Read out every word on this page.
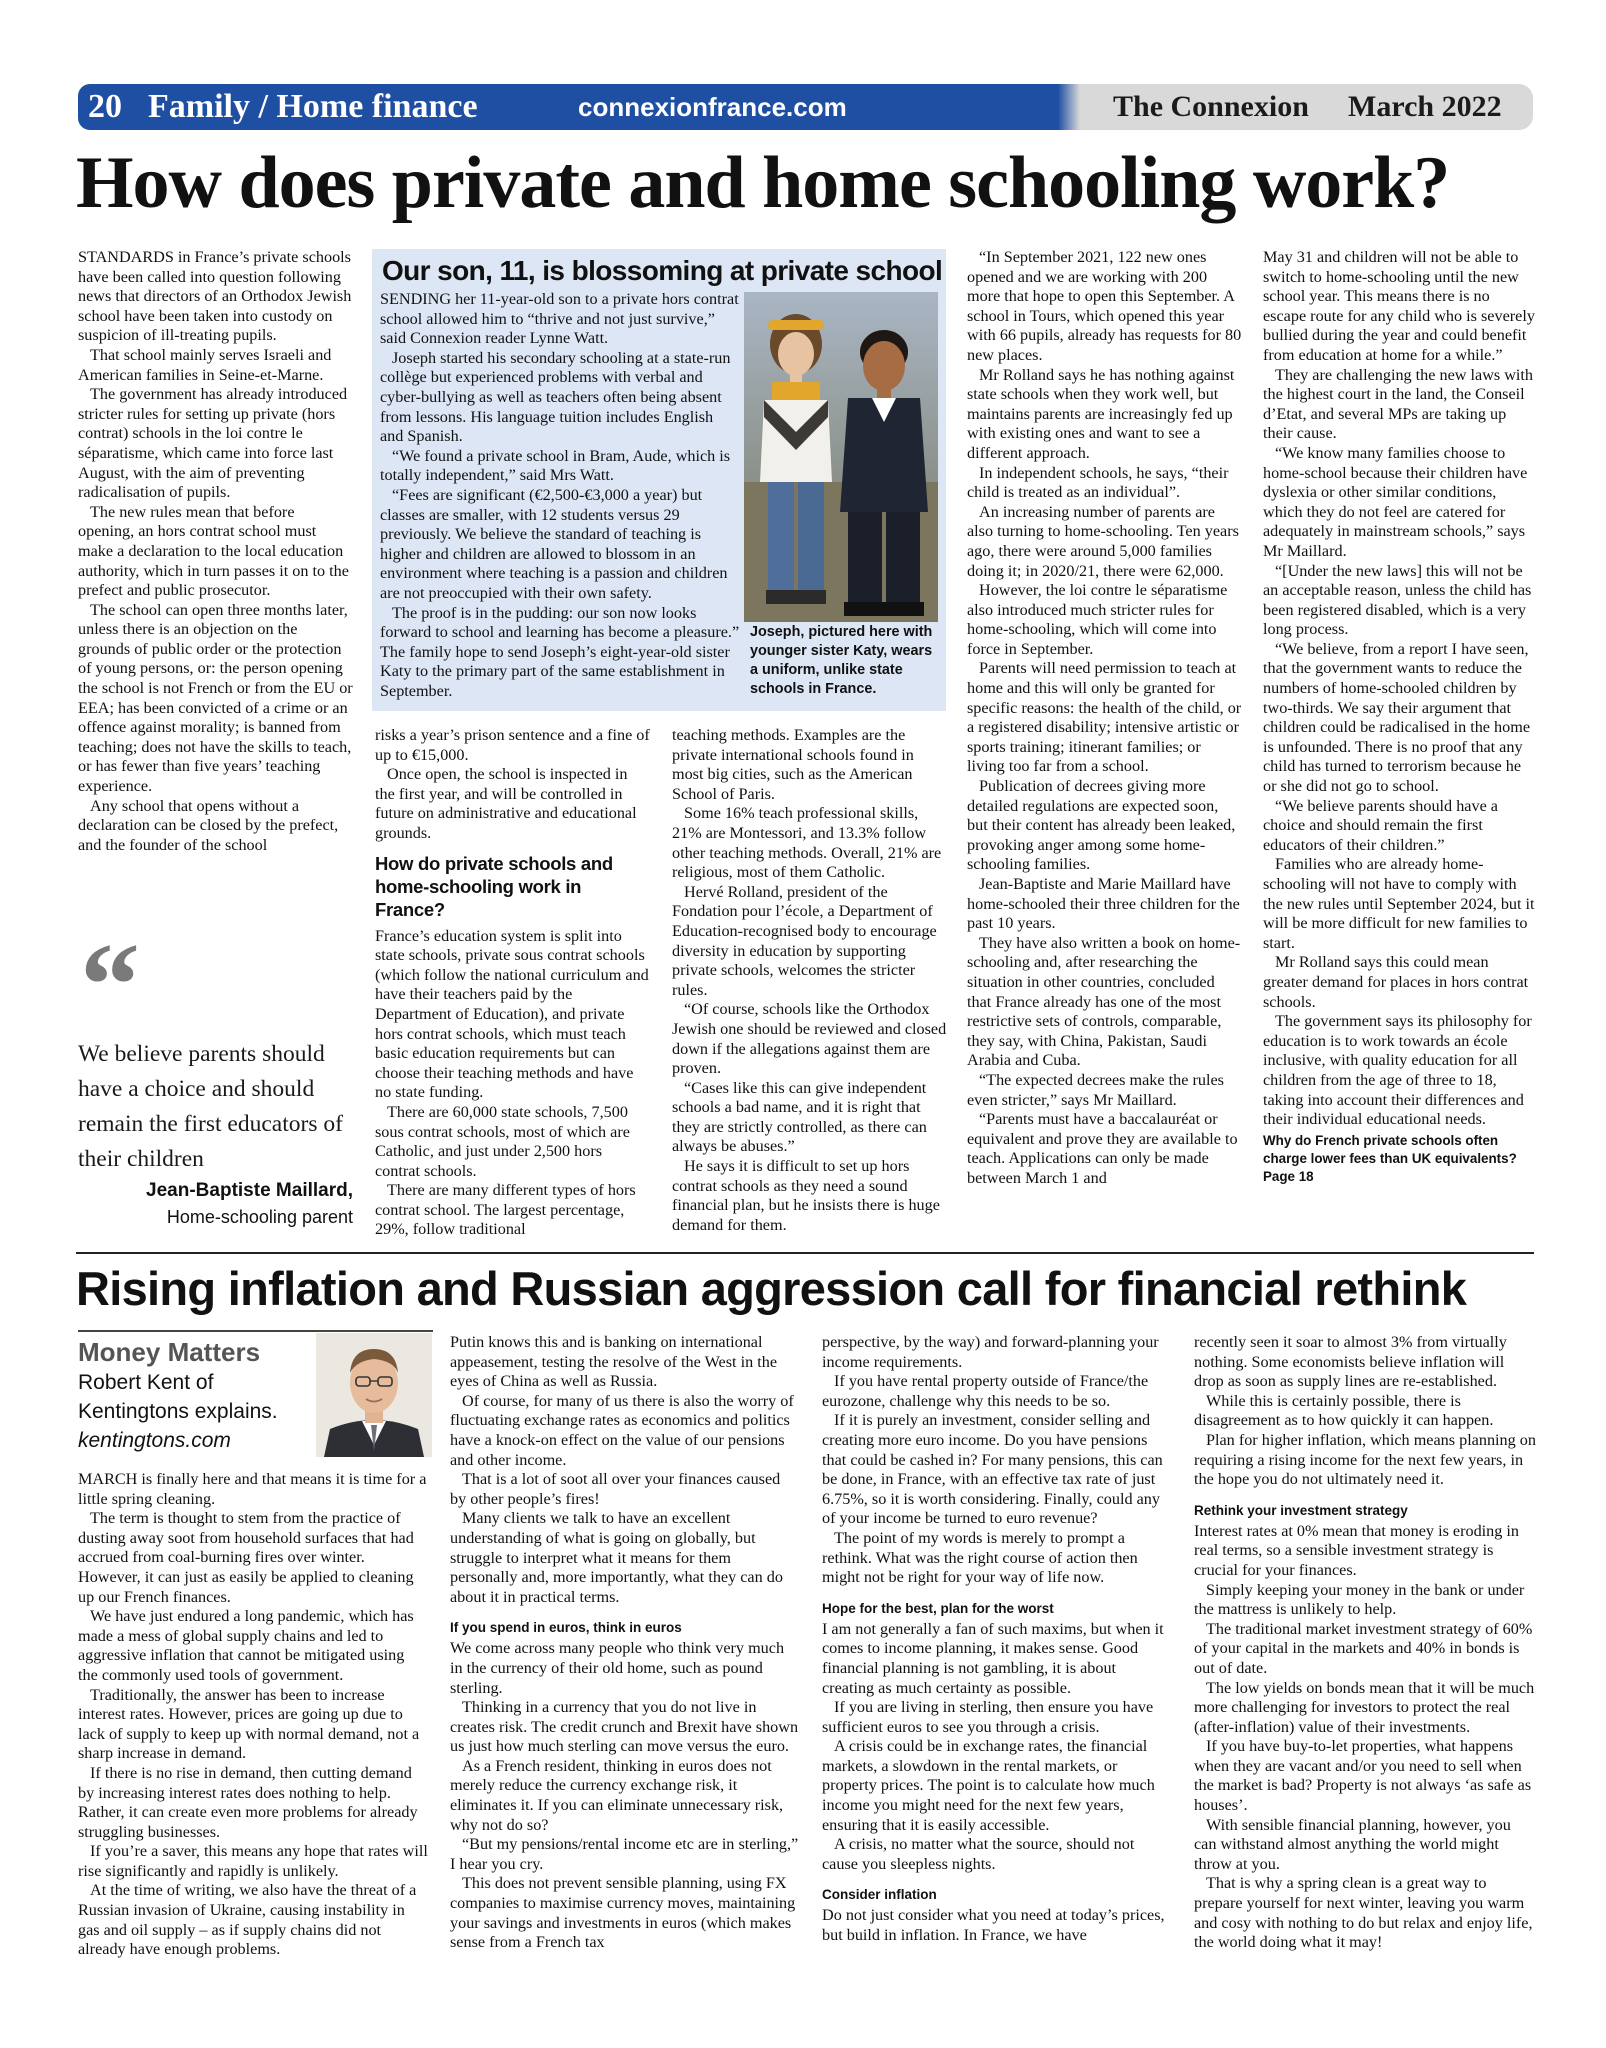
20 Family / Home finance	connexionfrance.com	The Connexion March 2022
How does private and home schooling work?

STANDARDS in France’s private schools have been called into question following news that directors of an Orthodox Jewish school have been taken into custody on suspicion of ill-treating pupils.

That school mainly serves Israeli and American families in Seine-et-Marne.

The government has already introduced stricter rules for setting up private (hors contrat) schools in the loi contre le séparatisme, which came into force last August, with the aim of preventing radicalisation of pupils.

The new rules mean that before opening, an hors contrat school must make a declaration to the local education authority, which in turn passes it on to the prefect and public prosecutor.

The school can open three months later, unless there is an objection on the grounds of public order or the protection of young persons, or: the person opening the school is not French or from the EU or EEA; has been convicted of a crime or an offence against morality; is banned from teaching; does not have the skills to teach, or has fewer than five years’ teaching experience.

Any school that opens without a declaration can be closed by the prefect, and the founder of the school

Our son, 11, is blossoming at private school

SENDING her 11-year-old son to a private hors contrat school allowed him to “thrive and not just survive,” said Connexion reader Lynne Watt.

Joseph started his secondary schooling at a state-run collège but experienced problems with verbal and cyber-bullying as well as teachers often being absent from lessons. His language tuition includes English and Spanish.

“We found a private school in Bram, Aude, which is totally independent,” said Mrs Watt.

“Fees are significant (€2,500-€3,000 a year) but classes are smaller, with 12 students versus 29 previously. We believe the standard of teaching is higher and children are allowed to blossom in an environment where teaching is a passion and children are not preoccupied with their own safety.

The proof is in the pudding: our son now looks forward to school and learning has become a pleasure.” The family hope to send Joseph’s eight-year-old sister Katy to the primary part of the same establishment in September.

Joseph, pictured here with younger sister Katy, wears a uniform, unlike state schools in France.

risks a year’s prison sentence and a fine of up to €15,000.

Once open, the school is inspected in the first year, and will be controlled in future on administrative and educational grounds.

How do private schools and home-schooling work in France?

France’s education system is split into state schools, private sous contrat schools (which follow the national curriculum and have their teachers paid by the Department of Education), and private hors contrat schools, which must teach basic education requirements but can choose their teaching methods and have no state funding.

There are 60,000 state schools, 7,500 sous contrat schools, most of which are Catholic, and just under 2,500 hors contrat schools.

There are many different types of hors contrat school. The largest percentage, 29%, follow traditional

teaching methods. Examples are the private international schools found in most big cities, such as the American School of Paris.

Some 16% teach professional skills, 21% are Montessori, and 13.3% follow other teaching methods. Overall, 21% are religious, most of them Catholic.

Hervé Rolland, president of the Fondation pour l’école, a Department of Education-recognised body to encourage diversity in education by supporting private schools, welcomes the stricter rules.

“Of course, schools like the Orthodox Jewish one should be reviewed and closed down if the allegations against them are proven.

“Cases like this can give independent schools a bad name, and it is right that they are strictly controlled, as there can always be abuses.”

He says it is difficult to set up hors contrat schools as they need a sound financial plan, but he insists there is huge demand for them.

“In September 2021, 122 new ones opened and we are working with 200 more that hope to open this September. A school in Tours, which opened this year with 66 pupils, already has requests for 80 new places.

Mr Rolland says he has nothing against state schools when they work well, but maintains parents are increasingly fed up with existing ones and want to see a different approach.

In independent schools, he says, “their child is treated as an individual”.

An increasing number of parents are also turning to home-schooling. Ten years ago, there were around 5,000 families doing it; in 2020/21, there were 62,000.

However, the loi contre le séparatisme also introduced much stricter rules for home-schooling, which will come into force in September.

Parents will need permission to teach at home and this will only be granted for specific reasons: the health of the child, or a registered disability; intensive artistic or sports training; itinerant families; or living too far from a school.

Publication of decrees giving more detailed regulations are expected soon, but their content has already been leaked, provoking anger among some home-schooling families.

Jean-Baptiste and Marie Maillard have home-schooled their three children for the past 10 years.

They have also written a book on home-schooling and, after researching the situation in other countries, concluded that France already has one of the most restrictive sets of controls, comparable, they say, with China, Pakistan, Saudi Arabia and Cuba.

“The expected decrees make the rules even stricter,” says Mr Maillard.

“Parents must have a baccalauréat or equivalent and prove they are available to teach. Applications can only be made between March 1 and

May 31 and children will not be able to switch to home-schooling until the new school year. This means there is no escape route for any child who is severely bullied during the year and could benefit from education at home for a while.”

They are challenging the new laws with the highest court in the land, the Conseil d’Etat, and several MPs are taking up their cause.

“We know many families choose to home-school because their children have dyslexia or other similar conditions, which they do not feel are catered for adequately in mainstream schools,” says Mr Maillard.

“[Under the new laws] this will not be an acceptable reason, unless the child has been registered disabled, which is a very long process.

“We believe, from a report I have seen, that the government wants to reduce the numbers of home-schooled children by two-thirds. We say their argument that children could be radicalised in the home is unfounded. There is no proof that any child has turned to terrorism because he or she did not go to school.

“We believe parents should have a choice and should remain the first educators of their children.”

Families who are already home-schooling will not have to comply with the new rules until September 2024, but it will be more difficult for new families to start.

Mr Rolland says this could mean greater demand for places in hors contrat schools.

The government says its philosophy for education is to work towards an école inclusive, with quality education for all children from the age of three to 18, taking into account their differences and their individual educational needs.

Why do French private schools often charge lower fees than UK equivalents? Page 18
“
We believe parents should have a choice and should remain the first educators of their children
Jean-Baptiste Maillard,
Home-schooling parent
Rising inflation and Russian aggression call for financial rethink
Money Matters
Robert Kent of
Kentingtons explains.
kentingtons.com

MARCH is finally here and that means it is time for a little spring cleaning.

The term is thought to stem from the practice of dusting away soot from household surfaces that had accrued from coal-burning fires over winter. However, it can just as easily be applied to cleaning up our French finances.

We have just endured a long pandemic, which has made a mess of global supply chains and led to aggressive inflation that cannot be mitigated using the commonly used tools of government.

Traditionally, the answer has been to increase interest rates. However, prices are going up due to lack of supply to keep up with normal demand, not a sharp increase in demand.

If there is no rise in demand, then cutting demand by increasing interest rates does nothing to help. Rather, it can create even more problems for already struggling businesses.

If you’re a saver, this means any hope that rates will rise significantly and rapidly is unlikely.

At the time of writing, we also have the threat of a Russian invasion of Ukraine, causing instability in gas and oil supply – as if supply chains did not already have enough problems.

Putin knows this and is banking on international appeasement, testing the resolve of the West in the eyes of China as well as Russia.

Of course, for many of us there is also the worry of fluctuating exchange rates as economics and politics have a knock-on effect on the value of our pensions and other income.

That is a lot of soot all over your finances caused by other people’s fires!

Many clients we talk to have an excellent understanding of what is going on globally, but struggle to interpret what it means for them personally and, more importantly, what they can do about it in practical terms.

If you spend in euros, think in euros

We come across many people who think very much in the currency of their old home, such as pound sterling.

Thinking in a currency that you do not live in creates risk. The credit crunch and Brexit have shown us just how much sterling can move versus the euro.

As a French resident, thinking in euros does not merely reduce the currency exchange risk, it eliminates it. If you can eliminate unnecessary risk, why not do so?

“But my pensions/rental income etc are in sterling,” I hear you cry.

This does not prevent sensible planning, using FX companies to maximise currency moves, maintaining your savings and investments in euros (which makes sense from a French tax

perspective, by the way) and forward-planning your income requirements.

If you have rental property outside of France/the eurozone, challenge why this needs to be so.

If it is purely an investment, consider selling and creating more euro income. Do you have pensions that could be cashed in? For many pensions, this can be done, in France, with an effective tax rate of just 6.75%, so it is worth considering. Finally, could any of your income be turned to euro revenue?

The point of my words is merely to prompt a rethink. What was the right course of action then might not be right for your way of life now.

Hope for the best, plan for the worst

I am not generally a fan of such maxims, but when it comes to income planning, it makes sense. Good financial planning is not gambling, it is about creating as much certainty as possible.

If you are living in sterling, then ensure you have sufficient euros to see you through a crisis.

A crisis could be in exchange rates, the financial markets, a slowdown in the rental markets, or property prices. The point is to calculate how much income you might need for the next few years, ensuring that it is easily accessible.

A crisis, no matter what the source, should not cause you sleepless nights.

Consider inflation

Do not just consider what you need at today’s prices, but build in inflation. In France, we have

recently seen it soar to almost 3% from virtually nothing. Some economists believe inflation will drop as soon as supply lines are re-established.

While this is certainly possible, there is disagreement as to how quickly it can happen.

Plan for higher inflation, which means planning on requiring a rising income for the next few years, in the hope you do not ultimately need it.

Rethink your investment strategy

Interest rates at 0% mean that money is eroding in real terms, so a sensible investment strategy is crucial for your finances.

Simply keeping your money in the bank or under the mattress is unlikely to help.

The traditional market investment strategy of 60% of your capital in the markets and 40% in bonds is out of date.

The low yields on bonds mean that it will be much more challenging for investors to protect the real (after-inflation) value of their investments.

If you have buy-to-let properties, what happens when they are vacant and/or you need to sell when the market is bad? Property is not always ‘as safe as houses’.

With sensible financial planning, however, you can withstand almost anything the world might throw at you.

That is why a spring clean is a great way to prepare yourself for next winter, leaving you warm and cosy with nothing to do but relax and enjoy life, the world doing what it may!
